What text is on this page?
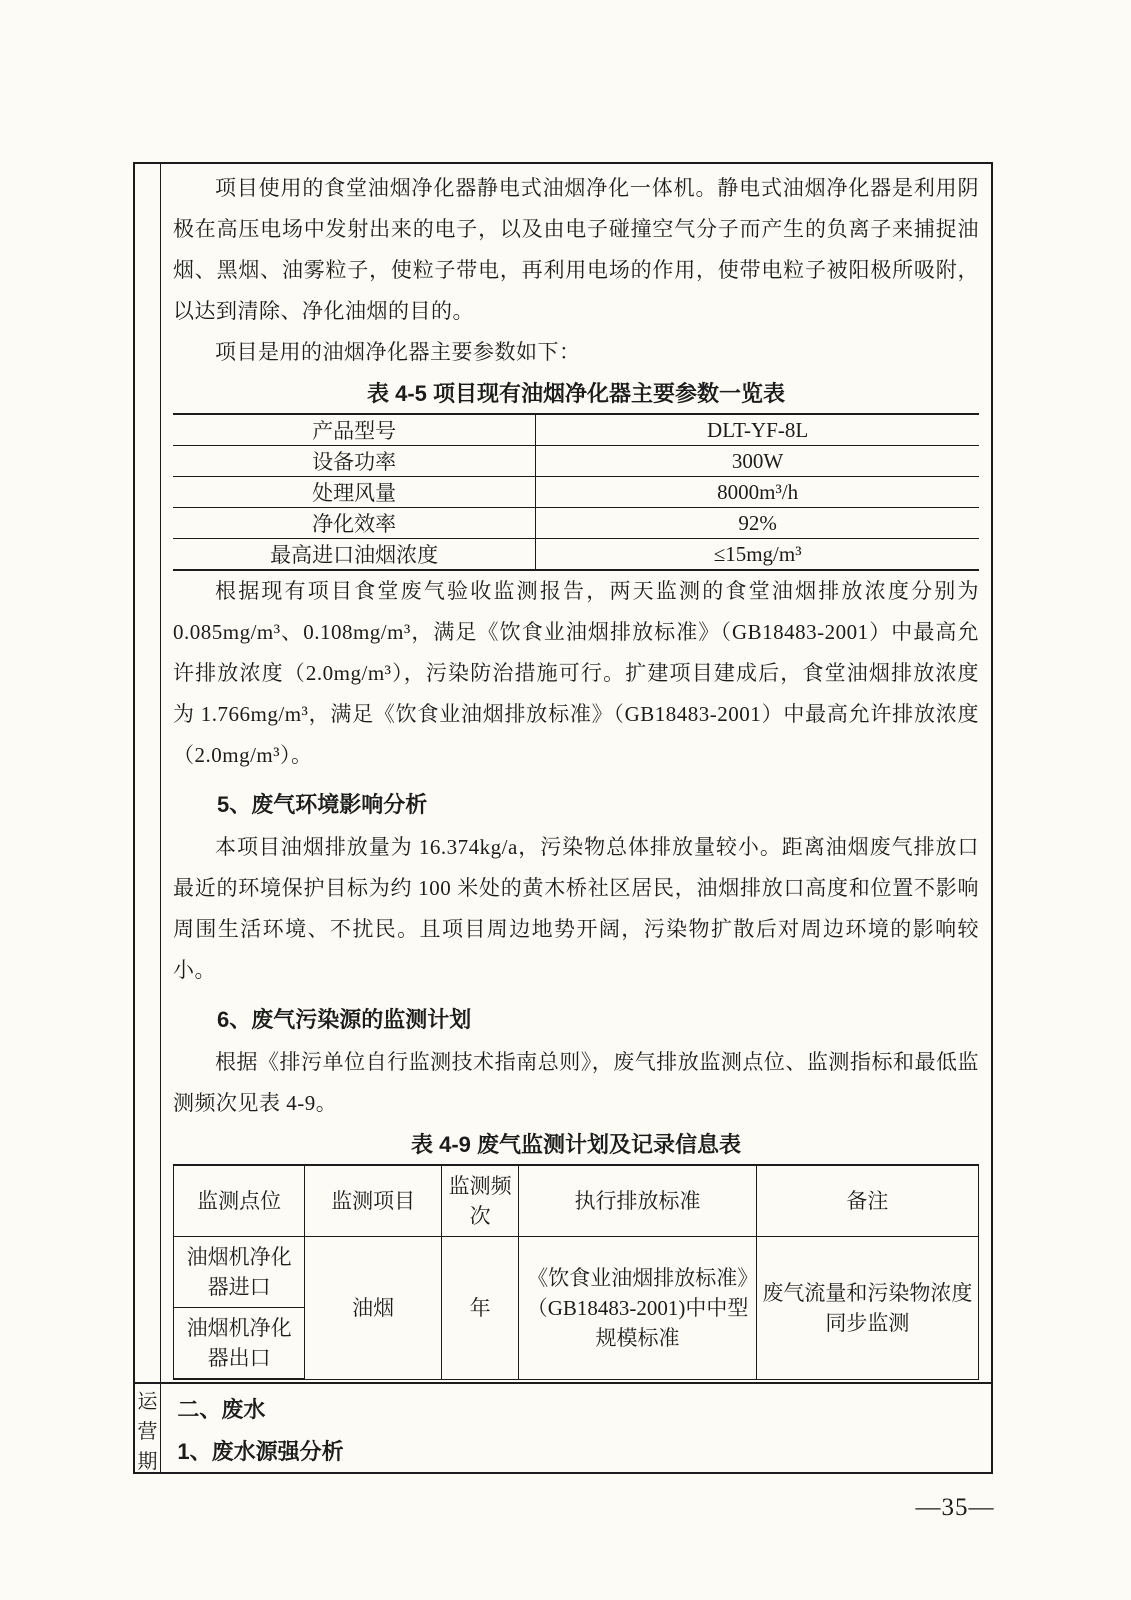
项目使用的食堂油烟净化器静电式油烟净化一体机。静电式油烟净化器是利用阴极在高压电场中发射出来的电子，以及由电子碰撞空气分子而产生的负离子来捕捉油烟、黑烟、油雾粒子，使粒子带电，再利用电场的作用，使带电粒子被阳极所吸附，以达到清除、净化油烟的目的。

项目是用的油烟净化器主要参数如下：

表 4-5 项目现有油烟净化器主要参数一览表
产品型号	DLT-YF-8L
设备功率	300W
处理风量	8000m³/h
净化效率	92%
最高进口油烟浓度	≤15mg/m³

根据现有项目食堂废气验收监测报告，两天监测的食堂油烟排放浓度分别为 0.085mg/m³、0.108mg/m³，满足《饮食业油烟排放标准》（GB18483-2001）中最高允许排放浓度（2.0mg/m³），污染防治措施可行。扩建项目建成后，食堂油烟排放浓度为 1.766mg/m³，满足《饮食业油烟排放标准》（GB18483-2001）中最高允许排放浓度（2.0mg/m³）。

5、废气环境影响分析

本项目油烟排放量为 16.374kg/a，污染物总体排放量较小。距离油烟废气排放口最近的环境保护目标为约 100 米处的黄木桥社区居民，油烟排放口高度和位置不影响周围生活环境、不扰民。且项目周边地势开阔，污染物扩散后对周边环境的影响较小。

6、废气污染源的监测计划

根据《排污单位自行监测技术指南总则》，废气排放监测点位、监测指标和最低监测频次见表 4-9。

表 4-9 废气监测计划及记录信息表
监测点位	监测项目	监测频次	执行排放标准	备注
油烟机净化器进口	油烟	年	《饮食业油烟排放标准》（GB18483-2001)中中型规模标准	废气流量和污染物浓度同步监测
油烟机净化器出口				
运
营
期
二、废水
1、废水源强分析
—35—
